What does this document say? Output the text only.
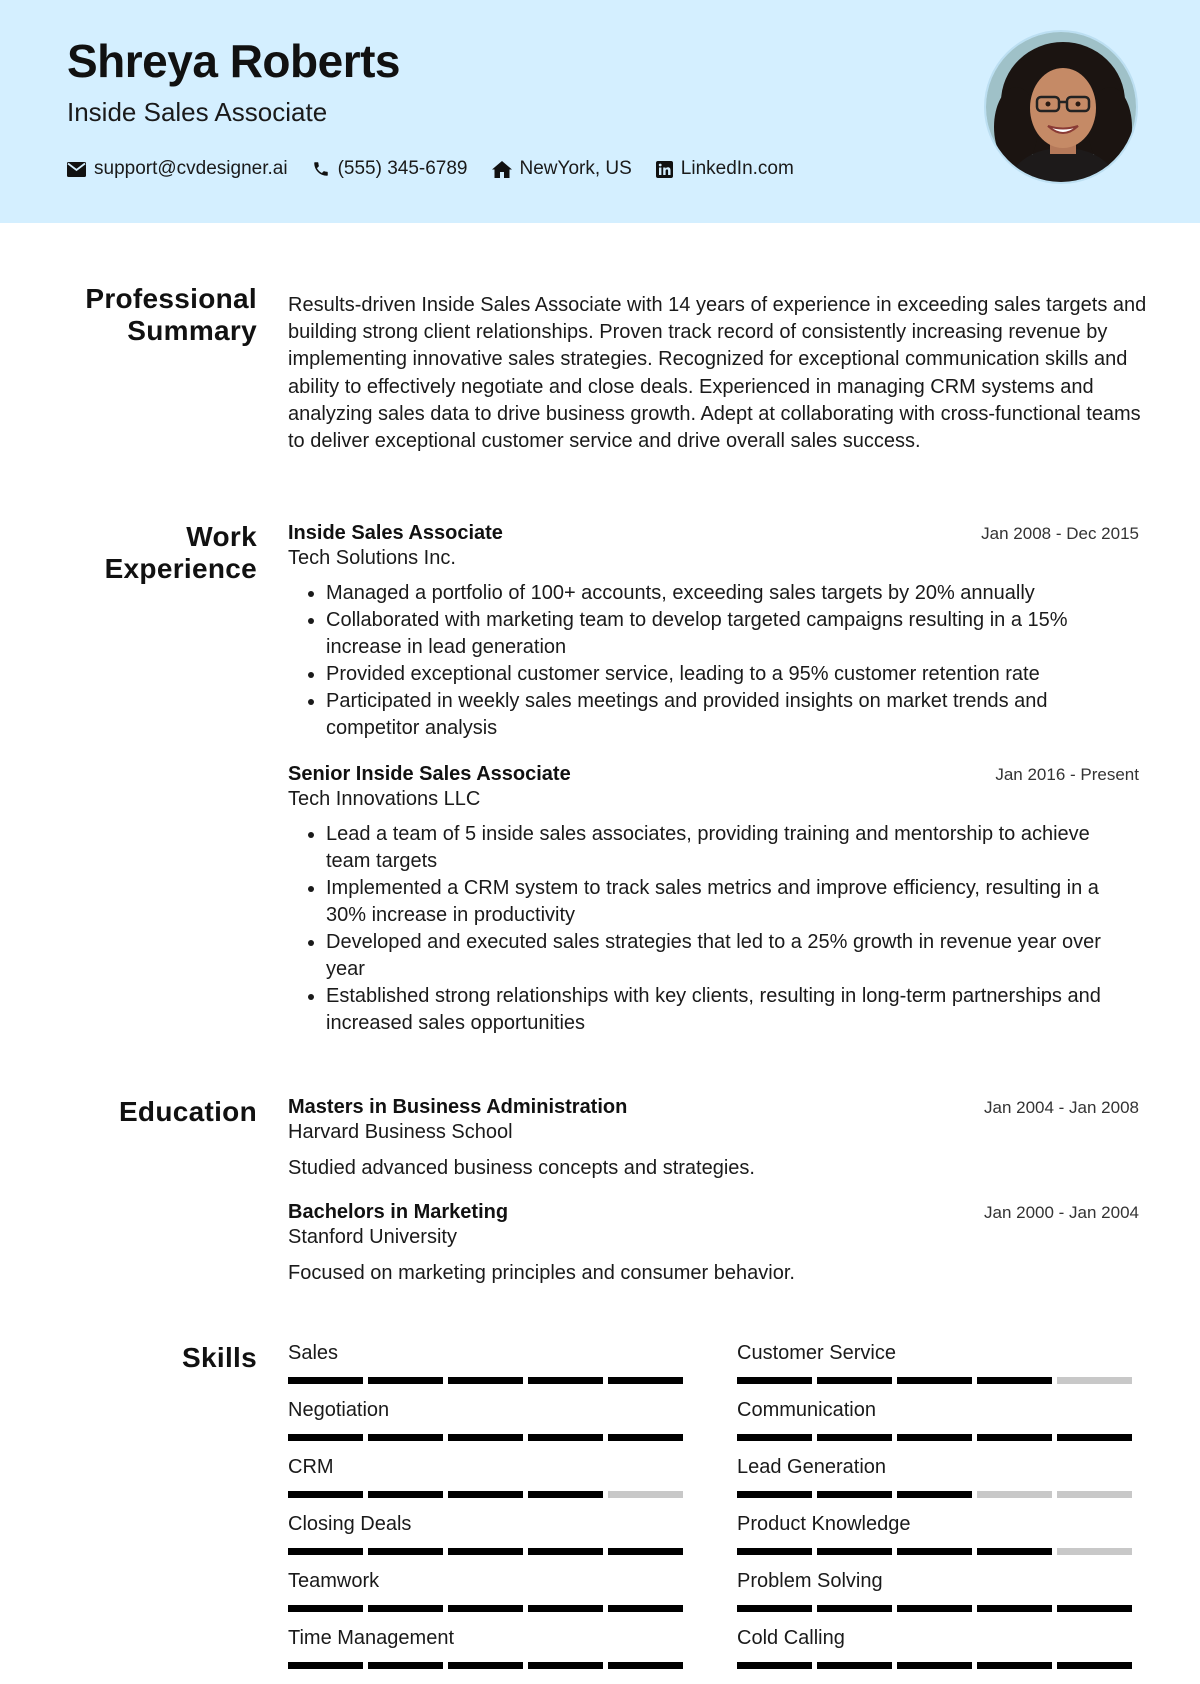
Shreya Roberts
Inside Sales Associate
support@cvdesigner.ai	(555) 345-6789	NewYork, US	LinkedIn.com
Professional Summary
Results-driven Inside Sales Associate with 14 years of experience in exceeding sales targets and building strong client relationships. Proven track record of consistently increasing revenue by implementing innovative sales strategies. Recognized for exceptional communication skills and ability to effectively negotiate and close deals. Experienced in managing CRM systems and analyzing sales data to drive business growth. Adept at collaborating with cross-functional teams to deliver exceptional customer service and drive overall sales success.
Work Experience
Inside Sales Associate	Jan 2008 - Dec 2015
Tech Solutions Inc.
• Managed a portfolio of 100+ accounts, exceeding sales targets by 20% annually
• Collaborated with marketing team to develop targeted campaigns resulting in a 15% increase in lead generation
• Provided exceptional customer service, leading to a 95% customer retention rate
• Participated in weekly sales meetings and provided insights on market trends and competitor analysis
Senior Inside Sales Associate	Jan 2016 - Present
Tech Innovations LLC
• Lead a team of 5 inside sales associates, providing training and mentorship to achieve team targets
• Implemented a CRM system to track sales metrics and improve efficiency, resulting in a 30% increase in productivity
• Developed and executed sales strategies that led to a 25% growth in revenue year over year
• Established strong relationships with key clients, resulting in long-term partnerships and increased sales opportunities
Education Masters in Business Administration	Jan 2004 - Jan 2008
Harvard Business School
Studied advanced business concepts and strategies.
Bachelors in Marketing	Jan 2000 - Jan 2004
Stanford University
Focused on marketing principles and consumer behavior.
Skills Sales	Customer Service
Negotiation	Communication
CRM	Lead Generation
Closing Deals	Product Knowledge
Teamwork	Problem Solving
Time Management	Cold Calling
